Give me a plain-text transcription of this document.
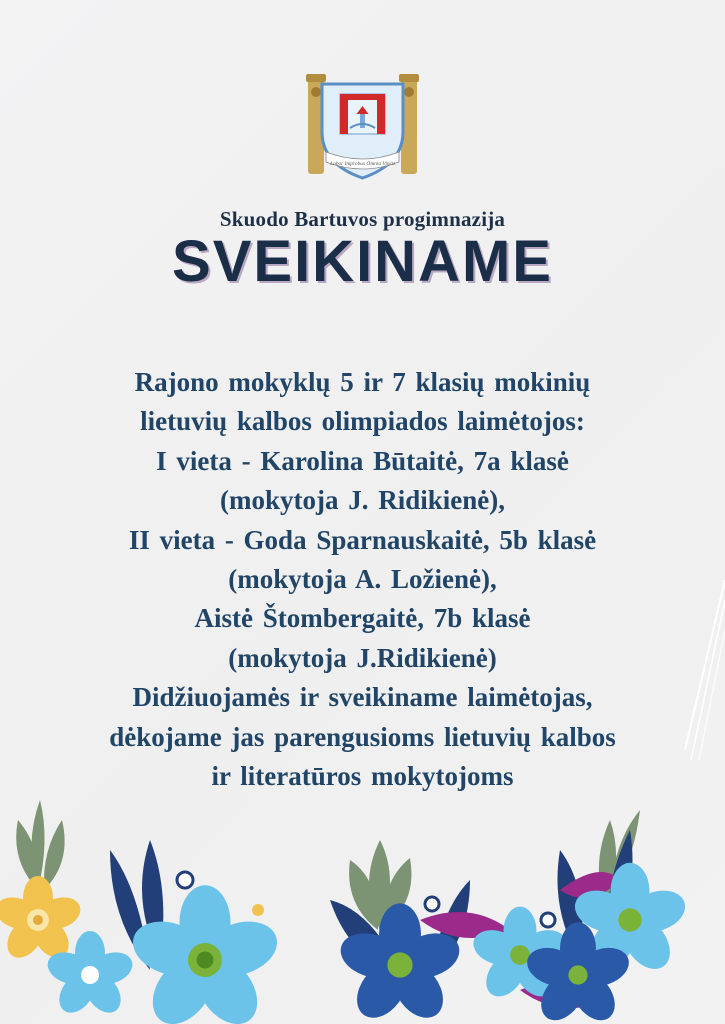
Labor Improbus Omnia Vincit
Skuodo Bartuvos progimnazija
SVEIKINAME
Rajono mokyklų 5 ir 7 klasių mokinių
lietuvių kalbos olimpiados laimėtojos:
I vieta - Karolina Būtaitė, 7a klasė
(mokytoja J. Ridikienė),
II vieta - Goda Sparnauskaitė, 5b klasė
(mokytoja A. Ložienė),
Aistė Štombergaitė, 7b klasė
(mokytoja J.Ridikienė)
Didžiuojamės ir sveikiname laimėtojas,
dėkojame jas parengusioms lietuvių kalbos
ir literatūros mokytojoms
